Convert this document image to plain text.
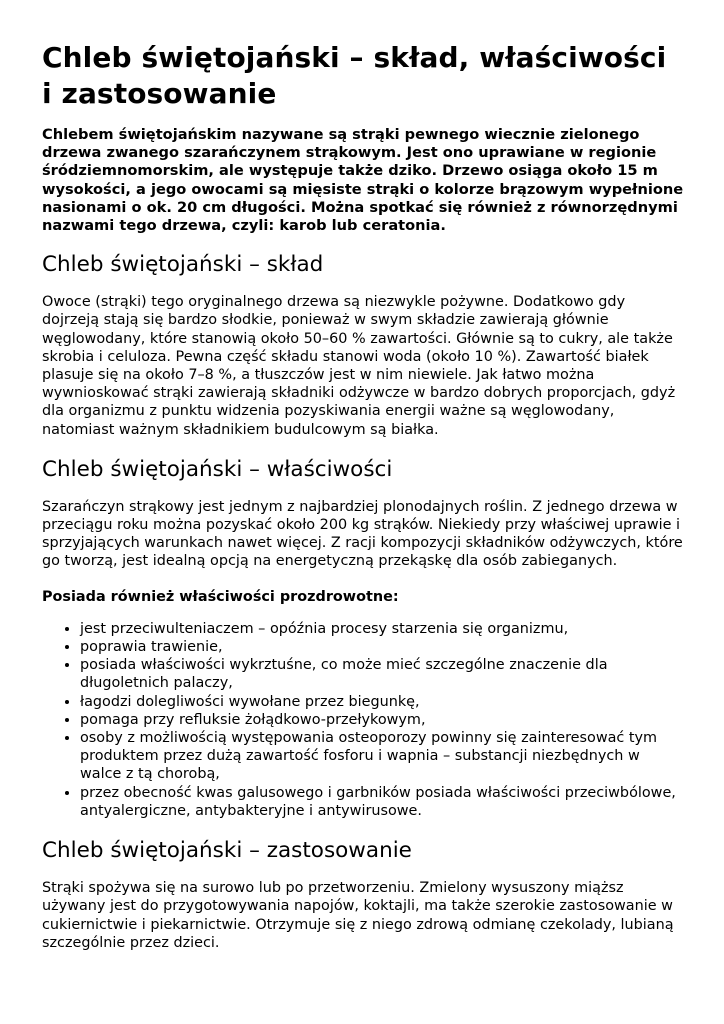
Chleb świętojański – skład, właściwości i zastosowanie
Chlebem świętojańskim nazywane są strąki pewnego wiecznie zielonego drzewa zwanego szarańczynem strąkowym. Jest ono uprawiane w regionie śródziemnomorskim, ale występuje także dziko. Drzewo osiąga około 15 m wysokości, a jego owocami są mięsiste strąki o kolorze brązowym wypełnione nasionami o ok. 20 cm długości. Można spotkać się również z równorzędnymi nazwami tego drzewa, czyli: karob lub ceratonia.
Chleb świętojański – skład

Owoce (strąki) tego oryginalnego drzewa są niezwykle pożywne. Dodatkowo gdy dojrzeją stają się bardzo słodkie, ponieważ w swym składzie zawierają głównie węglowodany, które stanowią około 50–60 % zawartości. Głównie są to cukry, ale także skrobia i celuloza. Pewna część składu stanowi woda (około 10 %). Zawartość białek plasuje się na około 7–8 %, a tłuszczów jest w nim niewiele. Jak łatwo można wywnioskować strąki zawierają składniki odżywcze w bardzo dobrych proporcjach, gdyż dla organizmu z punktu widzenia pozyskiwania energii ważne są węglowodany, natomiast ważnym składnikiem budulcowym są białka.

Chleb świętojański – właściwości

Szarańczyn strąkowy jest jednym z najbardziej plonodajnych roślin. Z jednego drzewa w przeciągu roku można pozyskać około 200 kg strąków. Niekiedy przy właściwej uprawie i sprzyjających warunkach nawet więcej. Z racji kompozycji składników odżywczych, które go tworzą, jest idealną opcją na energetyczną przekąskę dla osób zabieganych.

Posiada również właściwości prozdrowotne:

• jest przeciwulteniaczem – opóźnia procesy starzenia się organizmu,
• poprawia trawienie,
• posiada właściwości wykrztuśne, co może mieć szczególne znaczenie dla długoletnich palaczy,
• łagodzi dolegliwości wywołane przez biegunkę,
• pomaga przy refluksie żołądkowo-przełykowym,
• osoby z możliwością występowania osteoporozy powinny się zainteresować tym produktem przez dużą zawartość fosforu i wapnia – substancji niezbędnych w walce z tą chorobą,
• przez obecność kwas galusowego i garbników posiada właściwości przeciwbólowe, antyalergiczne, antybakteryjne i antywirusowe.
Chleb świętojański – zastosowanie

Strąki spożywa się na surowo lub po przetworzeniu. Zmielony wysuszony miąższ używany jest do przygotowywania napojów, koktajli, ma także szerokie zastosowanie w cukiernictwie i piekarnictwie. Otrzymuje się z niego zdrową odmianę czekolady, lubianą szczególnie przez dzieci.
